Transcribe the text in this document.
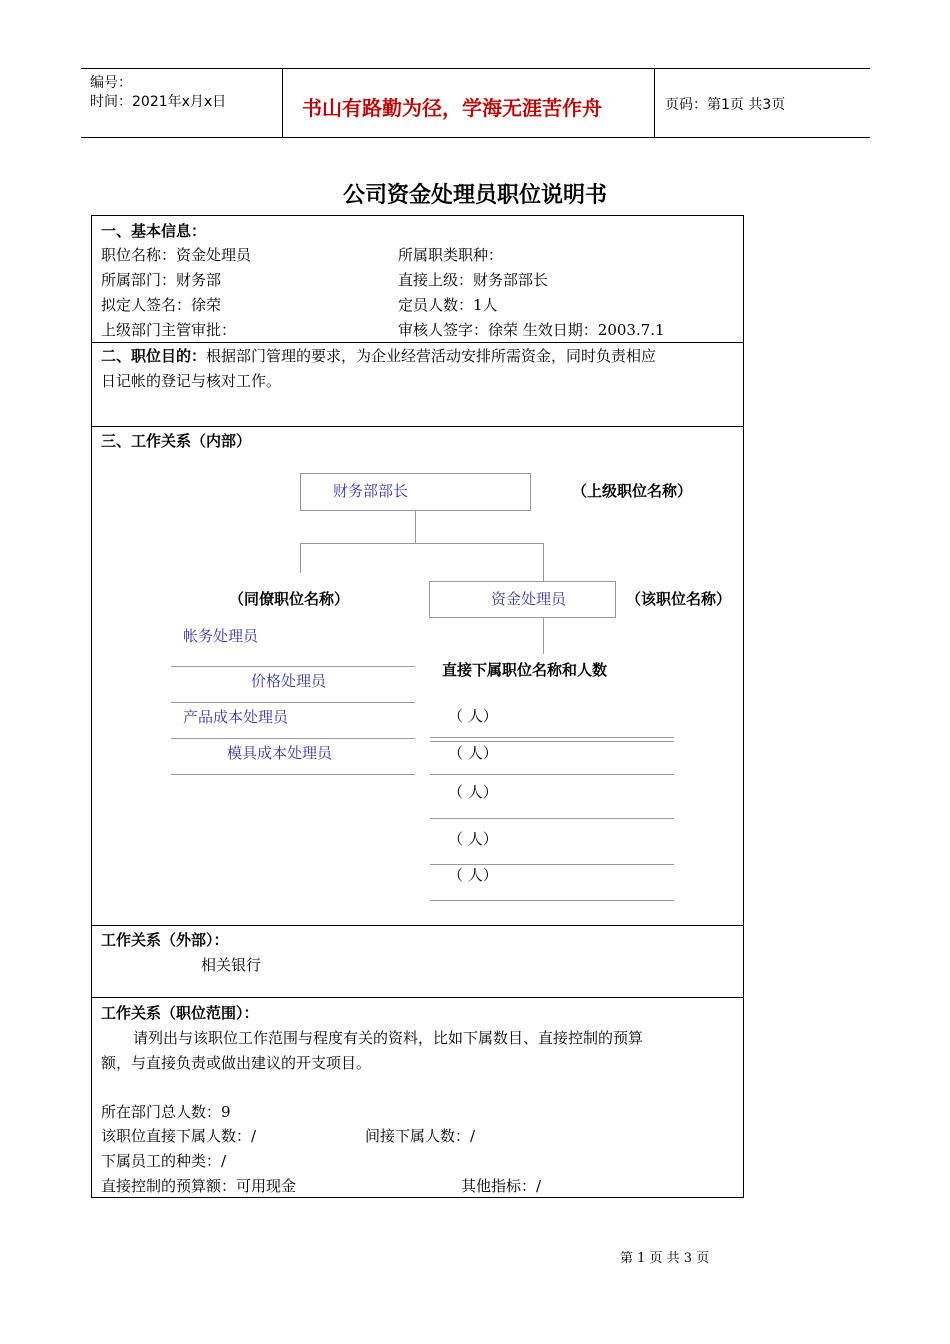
编号：
时间：2021年x月x日	书山有路勤为径，学海无涯苦作舟	页码：第1页 共3页
公司资金处理员职位说明书
一、基本信息：
职位名称：资金处理员	所属职类职种：
所属部门：财务部	直接上级：财务部部长
拟定人签名：徐荣	定员人数：1人
上级部门主管审批：	审核人签字：徐荣 生效日期：2003.7.1
二、职位目的：根据部门管理的要求，为企业经营活动安排所需资金，同时负责相应
日记帐的登记与核对工作。
三、工作关系（内部）
财务部部长	（上级职位名称）
（同僚职位名称）	资金处理员	（该职位名称）
帐务处理员
价格处理员
产品成本处理员
模具成本处理员
直接下属职位名称和人数
（ 人）
（ 人）
（ 人）
（ 人）
（ 人）
工作关系（外部）：
相关银行
工作关系（职位范围）：
请列出与该职位工作范围与程度有关的资料，比如下属数目、直接控制的预算
额，与直接负责或做出建议的开支项目。
所在部门总人数：9
该职位直接下属人数：/	间接下属人数：/
下属员工的种类：/
直接控制的预算额：可用现金	其他指标：/
第 1 页 共 3 页
